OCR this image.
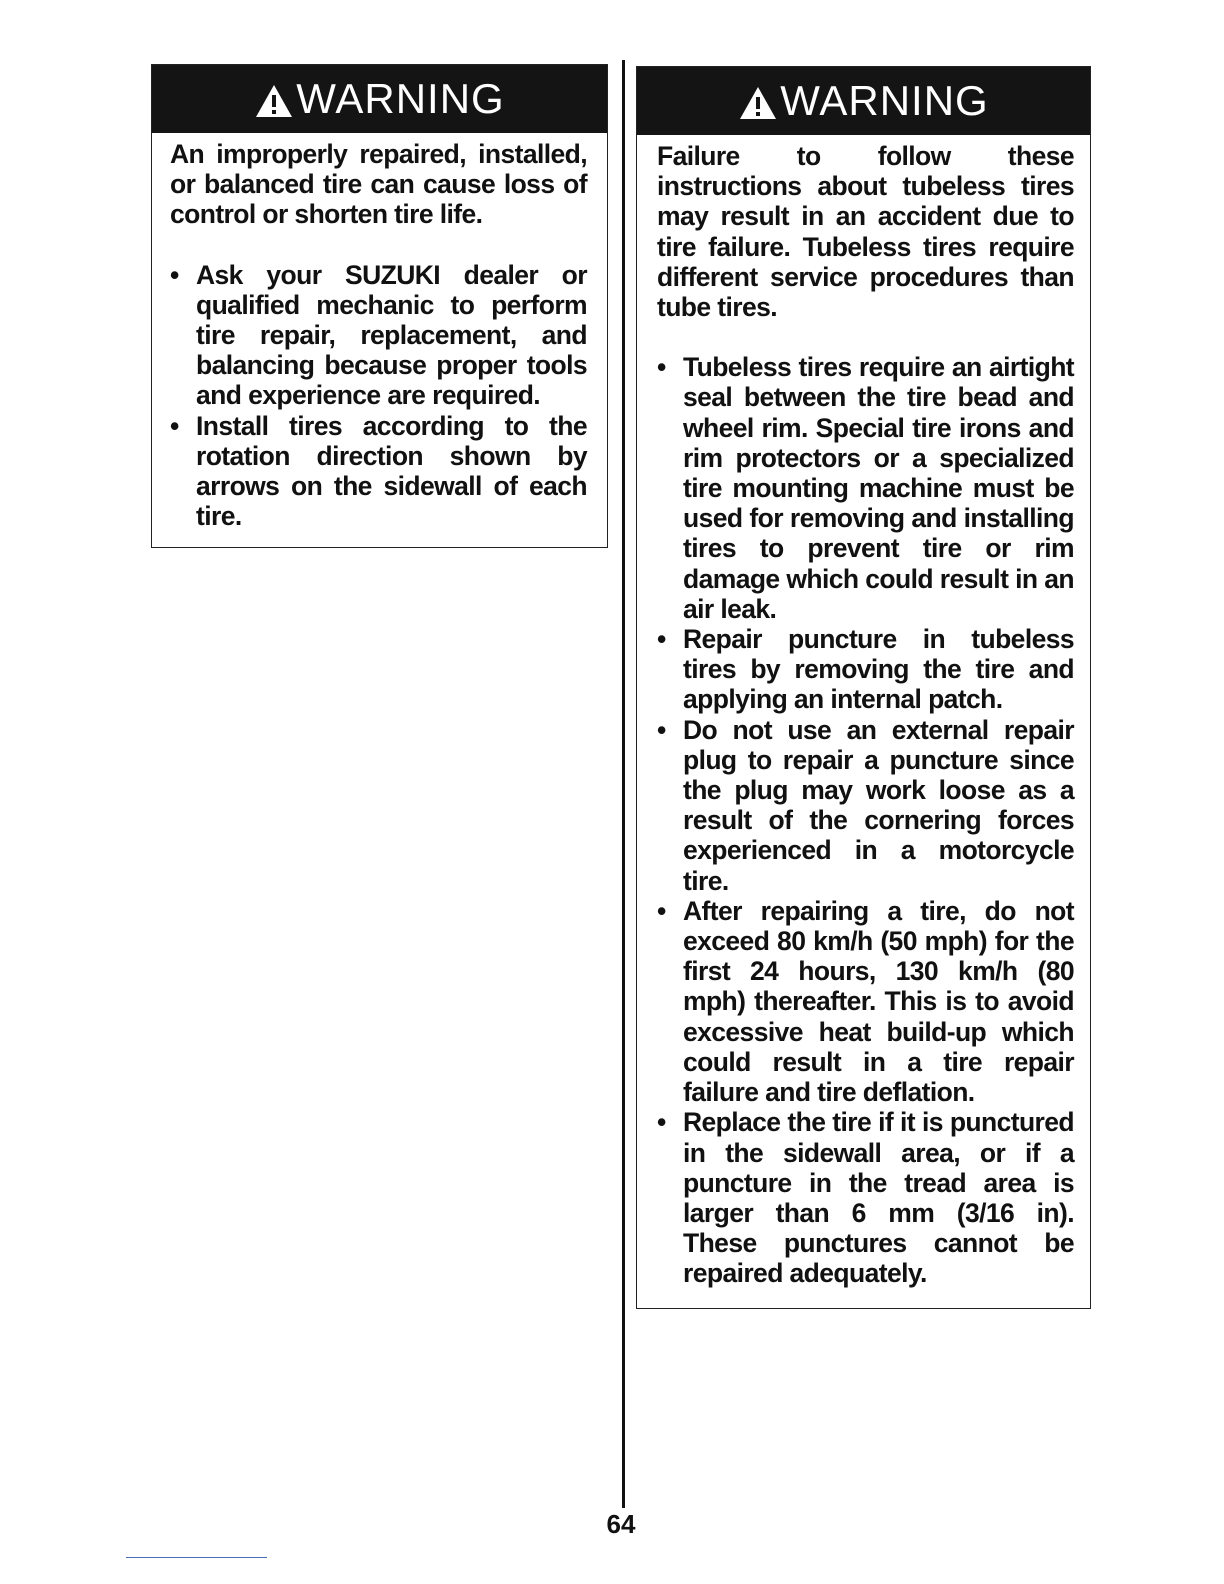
WARNING

An improperly repaired, installed, or balanced tire can cause loss of control or shorten tire life.

• Ask your SUZUKI dealer or qualified mechanic to perform tire repair, replacement, and balancing because proper tools and experience are required.
• Install tires according to the rotation direction shown by arrows on the sidewall of each tire.
WARNING

Failure to follow these instructions about tubeless tires may result in an accident due to tire failure. Tubeless tires require different service procedures than tube tires.

• Tubeless tires require an airtight seal between the tire bead and wheel rim. Special tire irons and rim protectors or a specialized tire mounting machine must be used for removing and installing tires to prevent tire or rim damage which could result in an air leak.
• Repair puncture in tubeless tires by removing the tire and applying an internal patch.
• Do not use an external repair plug to repair a puncture since the plug may work loose as a result of the cornering forces experienced in a motorcycle tire.
• After repairing a tire, do not exceed 80 km/h (50 mph) for the first 24 hours, 130 km/h (80 mph) thereafter. This is to avoid excessive heat build-up which could result in a tire repair failure and tire deflation.
• Replace the tire if it is punctured in the sidewall area, or if a puncture in the tread area is larger than 6 mm (3/16 in). These punctures cannot be repaired adequately.
64
